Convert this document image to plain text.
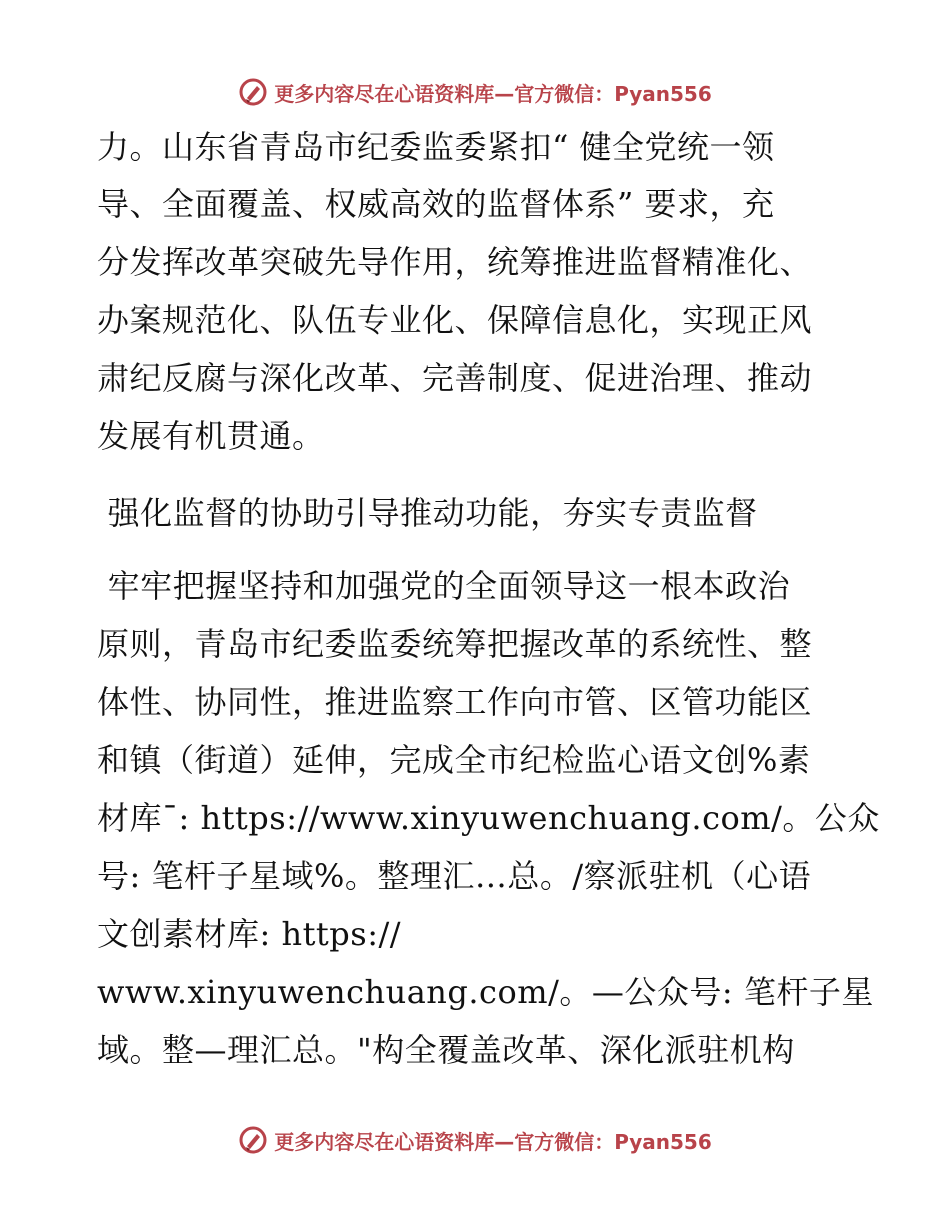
更多内容尽在心语资料库—官方微信：Pyan556
力。山东省青岛市纪委监委紧扣“ 健全党统一领
导、全面覆盖、权威高效的监督体系” 要求，充
分发挥改革突破先导作用，统筹推进监督精准化、
办案规范化、队伍专业化、保障信息化，实现正风
肃纪反腐与深化改革、完善制度、促进治理、推动
发展有机贯通。
强化监督的协助引导推动功能，夯实专责监督
牢牢把握坚持和加强党的全面领导这一根本政治
原则，青岛市纪委监委统筹把握改革的系统性、整
体性、协同性，推进监察工作向市管、区管功能区
和镇（街道）延伸，完成全市纪检监心语文创%素
材库¯: https://www.xinyuwenchuang.com/。公众
号: 笔杆子星域%。整理汇…总。/察派驻机（心语
文创素材库: https://
www.xinyuwenchuang.com/。—公众号: 笔杆子星
域。整—理汇总。"构全覆盖改革、深化派驻机构
更多内容尽在心语资料库—官方微信：Pyan556
